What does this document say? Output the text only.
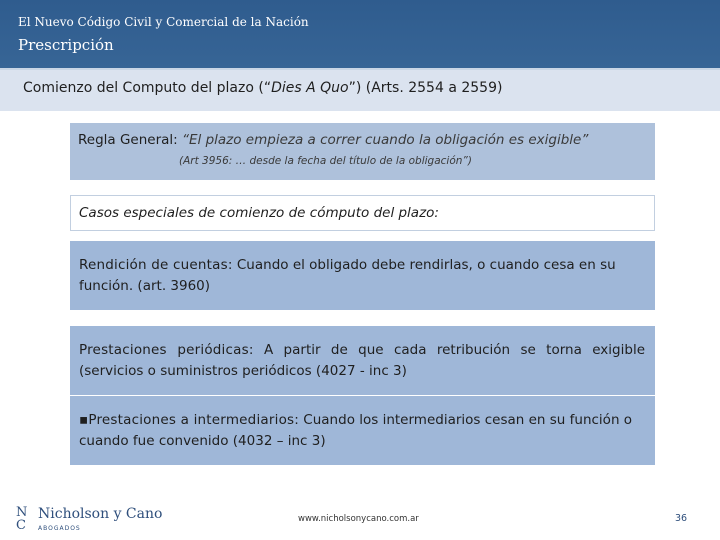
El Nuevo Código Civil y Comercial de la Nación
Prescripción
Comienzo del Computo del plazo (“Dies A Quo”) (Arts. 2554 a 2559)
Regla General: “El plazo empieza a correr cuando la obligación es exigible”
(Art 3956: … desde la fecha del título de la obligación”)
Casos especiales de comienzo de cómputo del plazo:
Rendición de cuentas: Cuando el obligado debe rendirlas, o cuando cesa en su función. (art. 3960)
Prestaciones periódicas: A partir de que cada retribución se torna exigible (servicios o suministros periódicos (4027 - inc 3)
▪Prestaciones a intermediarios: Cuando los intermediarios cesan en su función o cuando fue convenido (4032 – inc 3)
N
C
Nicholson y Cano
ABOGADOS
www.nicholsonycano.com.ar	36
